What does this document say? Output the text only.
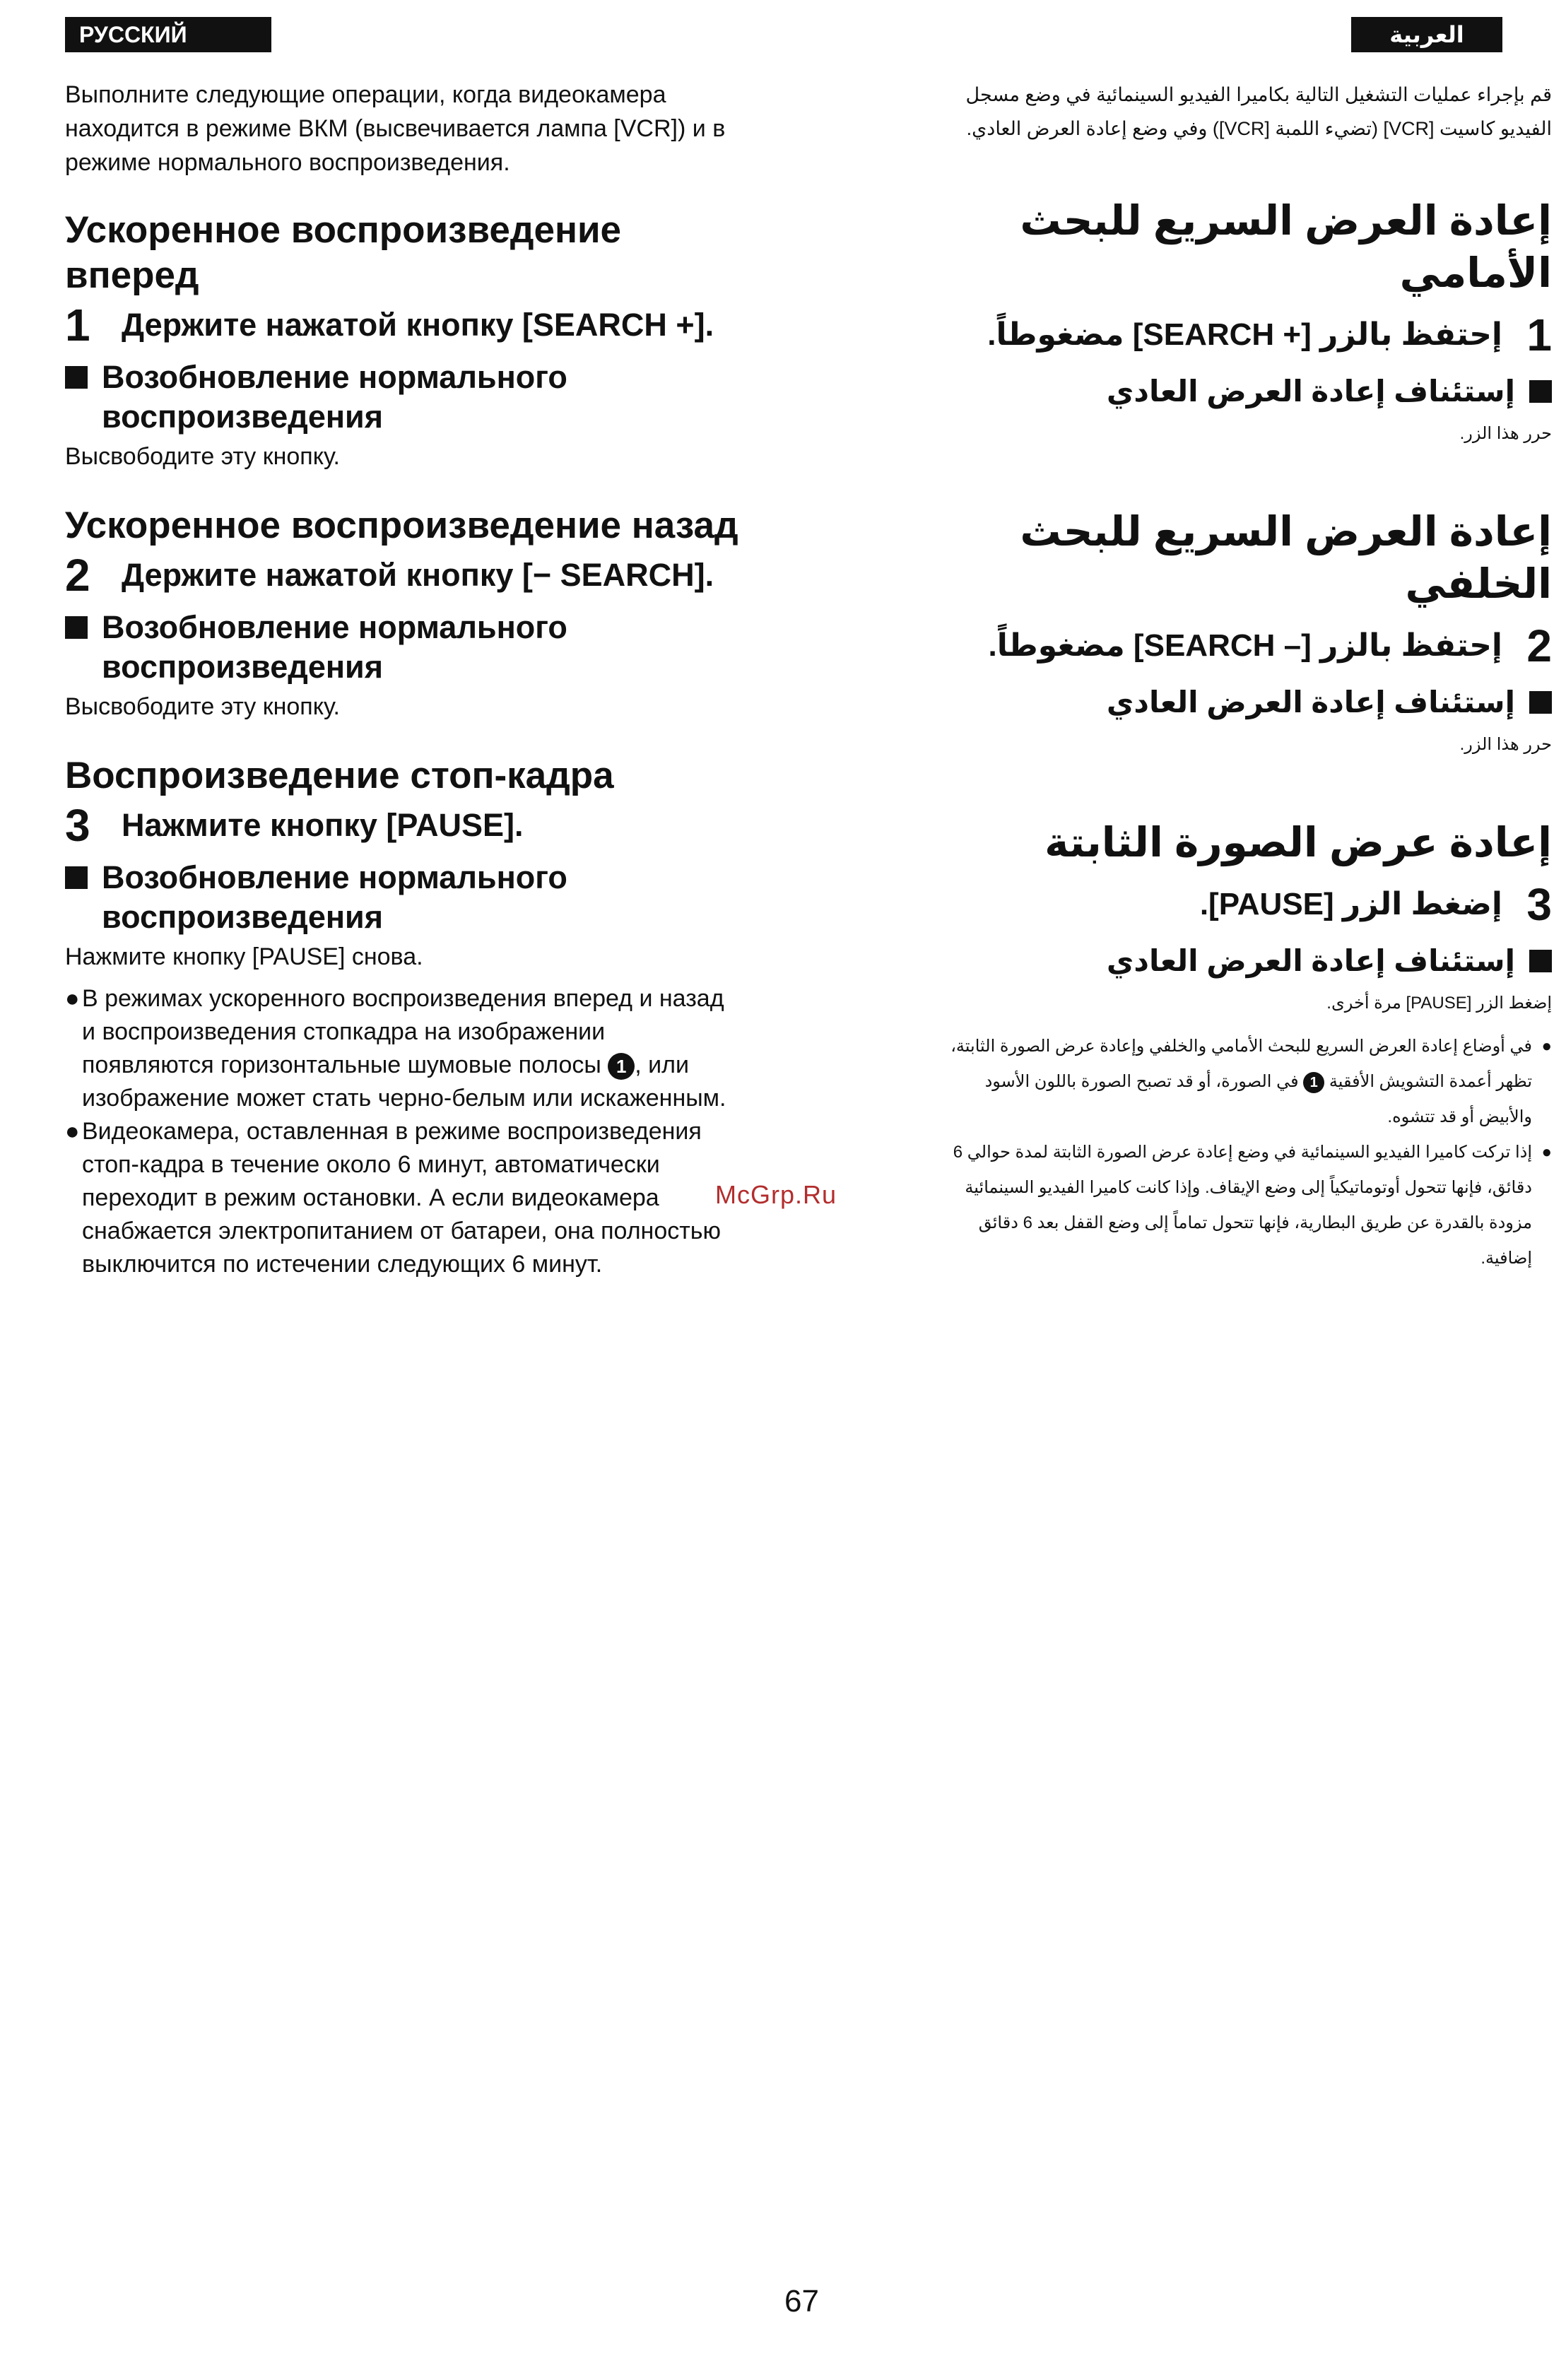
РУССКИЙ ЯЗЫК
العربية

Выполните следующие операции, когда видеокамера находится в режиме ВКМ (высвечивается лампа [VCR]) и в режиме нормального воспроизведения.

Ускоренное воспроизведение вперед
1 Держите нажатой кнопку [SEARCH +].
Возобновление нормального воспроизведения

Высвободите эту кнопку.

Ускоренное воспроизведение назад
2 Держите нажатой кнопку [− SEARCH].
Возобновление нормального воспроизведения

Высвободите эту кнопку.

Воспроизведение стоп-кадра
3 Нажмите кнопку [PAUSE].
Возобновление нормального воспроизведения

Нажмите кнопку [PAUSE] снова.

● В режимах ускоренного воспроизведения вперед и назад и воспроизведения стопкадра на изображении появляются горизонтальные шумовые полосы 1 , или изображение может стать черно-белым или искаженным.
● Видеокамера, оставленная в режиме воспроизведения стоп-кадра в течение около 6 минут, автоматически переходит в режим остановки. А если видеокамера снабжается электропитанием от батареи, она полностью выключится по истечении следующих 6 минут.

قم بإجراء عمليات التشغيل التالية بكاميرا الفيديو السينمائية في وضع مسجل الفيديو كاسيت [VCR] (تضيء اللمبة [VCR]) وفي وضع إعادة العرض العادي.

إعادة العرض السريع للبحث الأمامي
1
إحتفظ بالزر [+ SEARCH] مضغوطاً.
إستئناف إعادة العرض العادي

حرر هذا الزر.

إعادة العرض السريع للبحث الخلفي
2
إحتفظ بالزر [– SEARCH] مضغوطاً.
إستئناف إعادة العرض العادي

حرر هذا الزر.

إعادة عرض الصورة الثابتة
3
إضغط الزر [PAUSE].
إستئناف إعادة العرض العادي

إضغط الزر [PAUSE] مرة أخرى.

●
في أوضاع إعادة العرض السريع للبحث الأمامي والخلفي وإعادة عرض الصورة الثابتة، تظهر أعمدة التشويش الأفقية 1 في الصورة، أو قد تصبح الصورة باللون الأسود والأبيض أو قد تتشوه.
●
إذا تركت كاميرا الفيديو السينمائية في وضع إعادة عرض الصورة الثابتة لمدة حوالي 6 دقائق، فإنها تتحول أوتوماتيكياً إلى وضع الإيقاف. وإذا كانت كاميرا الفيديو السينمائية مزودة بالقدرة عن طريق البطارية، فإنها تتحول تماماً إلى وضع القفل بعد 6 دقائق إضافية.
McGrp.Ru
67
